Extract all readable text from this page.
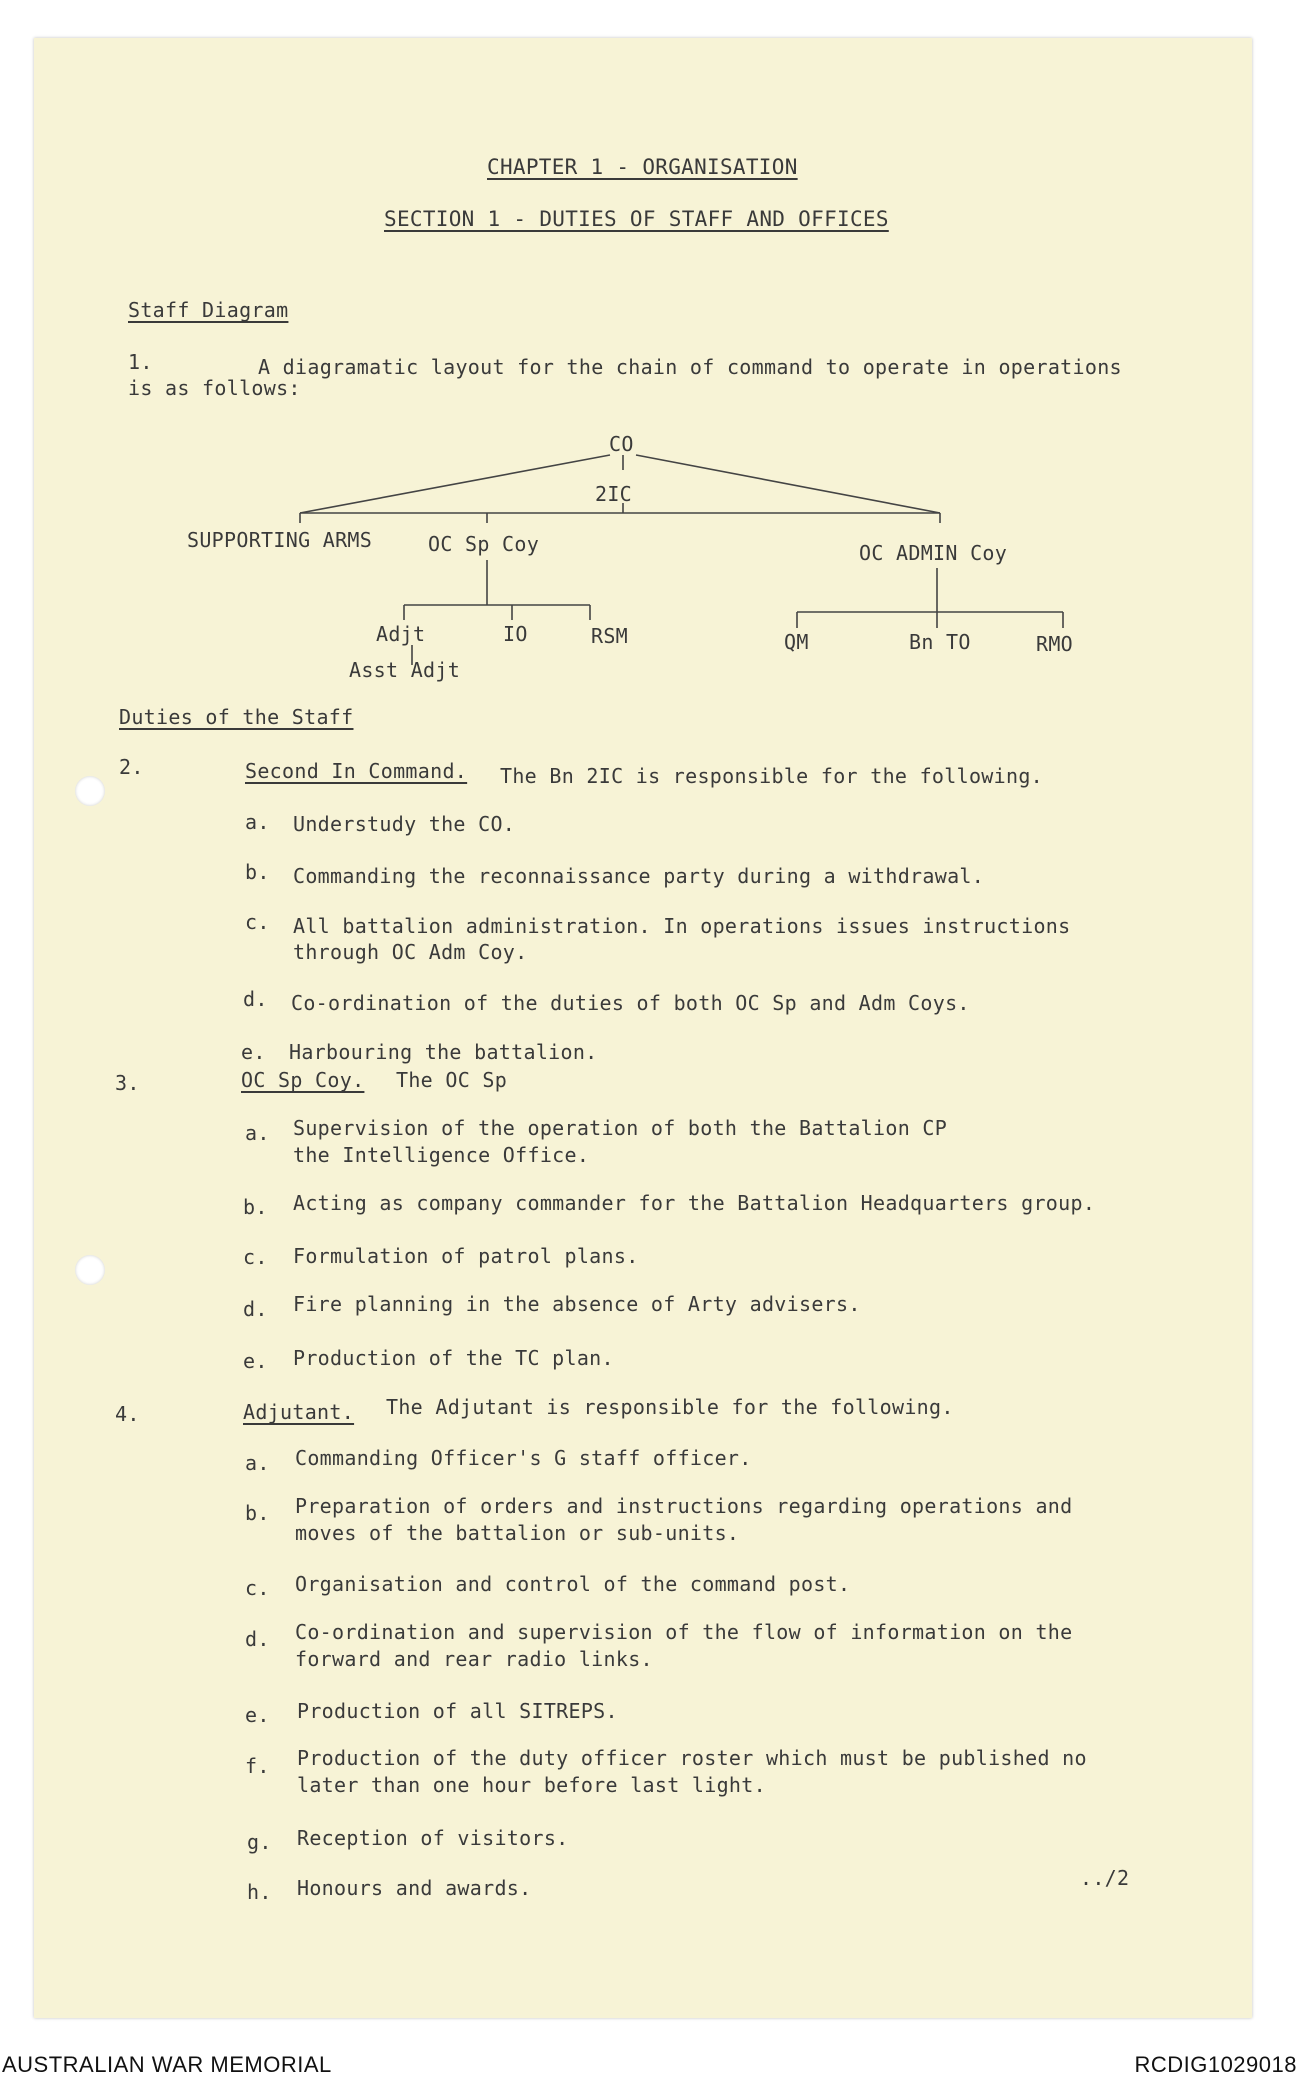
CHAPTER 1 - ORGANISATION
SECTION 1 - DUTIES OF STAFF AND OFFICES
Staff Diagram
1.	A diagramatic layout for the chain of command to operate in operations
is as follows:
CO
2IC
SUPPORTING ARMS	OC Sp Coy	OC ADMIN Coy
Adjt	IO	RSM
Asst Adjt
QM	Bn TO	RMO
Duties of the Staff
2.	Second In Command. The Bn 2IC is responsible for the following.
a. Understudy the CO.
b. Commanding the reconnaissance party during a withdrawal.
c. All battalion administration. In operations issues instructions
through OC Adm Coy.
d. Co-ordination of the duties of both OC Sp and Adm Coys.
e. Harbouring the battalion.
3.	OC Sp Coy. The OC Sp
a. Supervision of the operation of both the Battalion CP
the Intelligence Office.
b. Acting as company commander for the Battalion Headquarters group.
c. Formulation of patrol plans.
d. Fire planning in the absence of Arty advisers.
e. Production of the TC plan.
4.	Adjutant. The Adjutant is responsible for the following.
a. Commanding Officer's G staff officer.
b. Preparation of orders and instructions regarding operations and
moves of the battalion or sub-units.
c. Organisation and control of the command post.
d. Co-ordination and supervision of the flow of information on the
forward and rear radio links.
e. Production of all SITREPS.
f. Production of the duty officer roster which must be published no
later than one hour before last light.
g. Reception of visitors.
h. Honours and awards.	../2
AUSTRALIAN WAR MEMORIAL	RCDIG1029018
